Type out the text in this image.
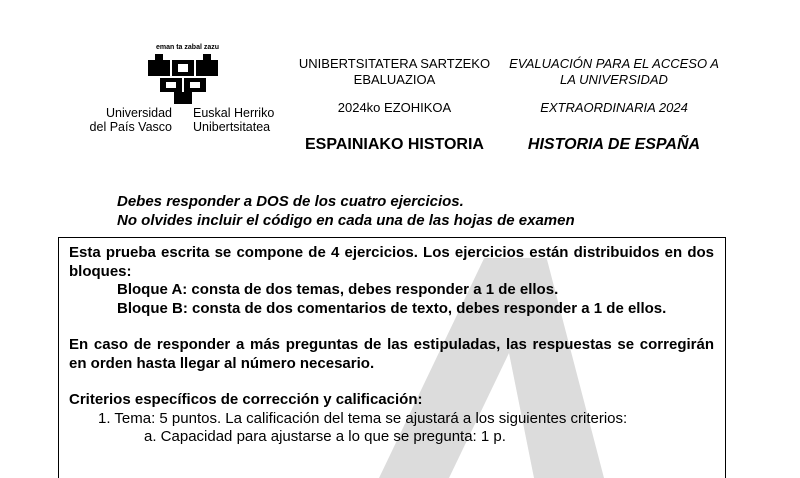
eman ta zabal zazu
Universidad
del País Vasco
Euskal Herriko
Unibertsitatea
UNIBERTSITATERA SARTZEKO
EBALUAZIOA
2024ko EZOHIKOA
EVALUACIÓN PARA EL ACCESO A
LA UNIVERSIDAD
EXTRAORDINARIA 2024
ESPAINIAKO HISTORIA	HISTORIA DE ESPAÑA
Debes responder a DOS de los cuatro ejercicios.
No olvides incluir el código en cada una de las hojas de examen
Esta prueba escrita se compone de 4 ejercicios. Los ejercicios están distribuidos en dos bloques:
Bloque A: consta de dos temas, debes responder a 1 de ellos.
Bloque B: consta de dos comentarios de texto, debes responder a 1 de ellos.
En caso de responder a más preguntas de las estipuladas, las respuestas se corregirán en orden hasta llegar al número necesario.
Criterios específicos de corrección y calificación:
1. Tema: 5 puntos. La calificación del tema se ajustará a los siguientes criterios:
a. Capacidad para ajustarse a lo que se pregunta: 1 p.
